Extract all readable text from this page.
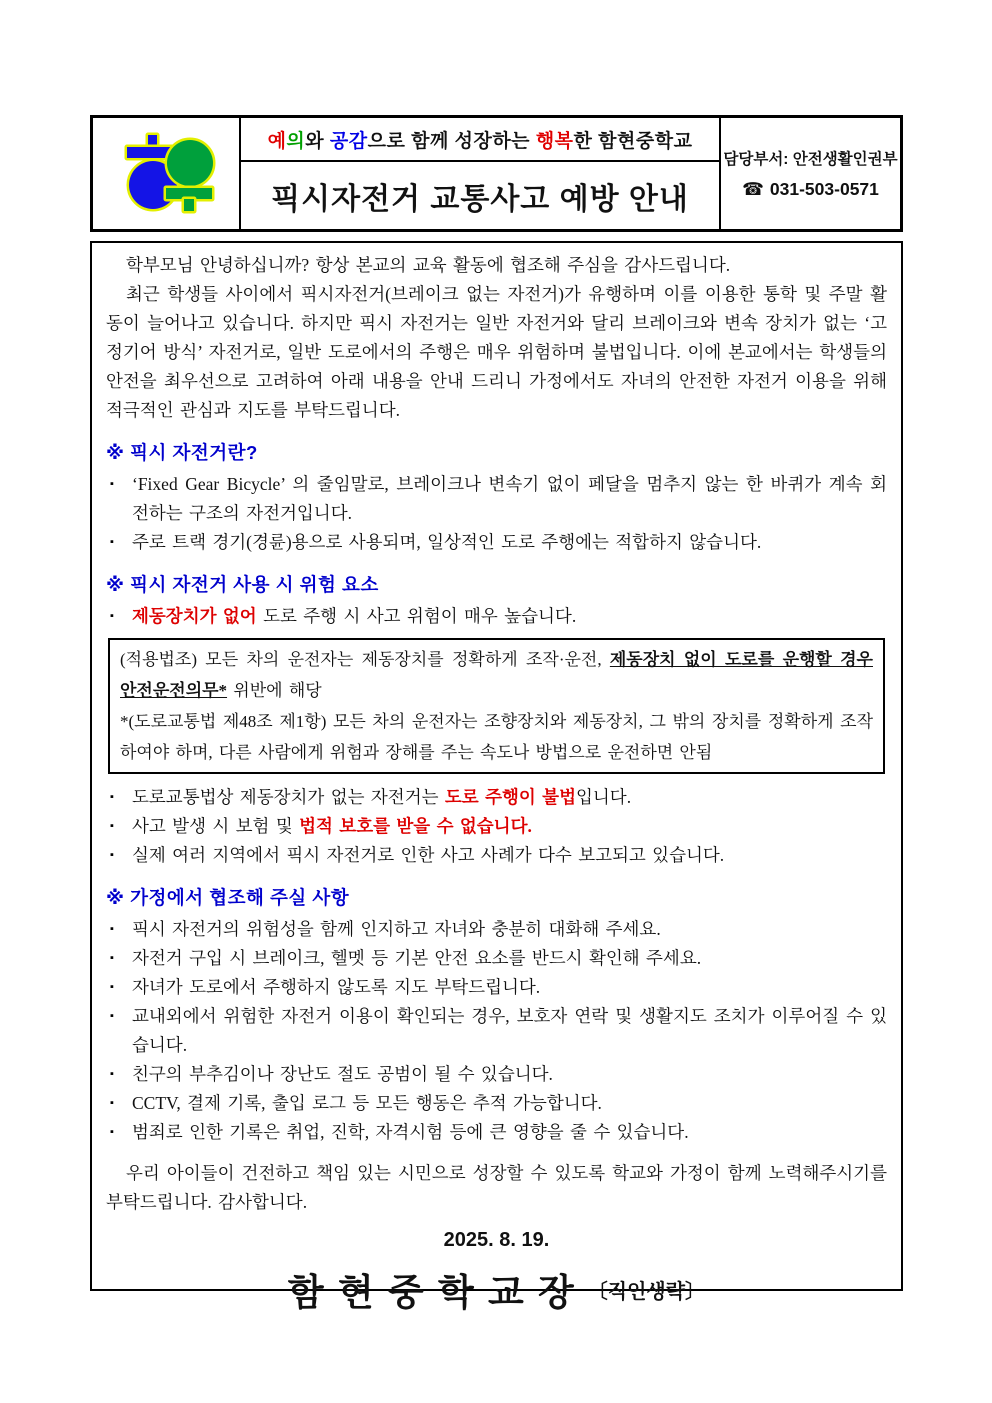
예 의 와 공감 으로 함께 성장하는 행복 한 함현중학교
픽시자전거 교통사고 예방 안내
담당부서: 안전생활인권부
☎ 031-503-0571

학부모님 안녕하십니까? 항상 본교의 교육 활동에 협조해 주심을 감사드립니다.

최근 학생들 사이에서 픽시자전거(브레이크 없는 자전거)가 유행하며 이를 이용한 통학 및 주말 활동이 늘어나고 있습니다. 하지만 픽시 자전거는 일반 자전거와 달리 브레이크와 변속 장치가 없는 ‘고정기어 방식’ 자전거로, 일반 도로에서의 주행은 매우 위험하며 불법입니다. 이에 본교에서는 학생들의 안전을 최우선으로 고려하여 아래 내용을 안내 드리니 가정에서도 자녀의 안전한 자전거 이용을 위해 적극적인 관심과 지도를 부탁드립니다.

※ 픽시 자전거란?
▪	‘Fixed Gear Bicycle’ 의 줄임말로, 브레이크나 변속기 없이 페달을 멈추지 않는 한 바퀴가 계속 회전하는 구조의 자전거입니다.
▪	주로 트랙 경기(경륜)용으로 사용되며, 일상적인 도로 주행에는 적합하지 않습니다.
※ 픽시 자전거 사용 시 위험 요소
▪	제동장치가 없어 도로 주행 시 사고 위험이 매우 높습니다.

(적용법조) 모든 차의 운전자는 제동장치를 정확하게 조작·운전, 제동장치 없이 도로를 운행할 경우 안전운전의무* 위반에 해당

*(도로교통법 제48조 제1항) 모든 차의 운전자는 조향장치와 제동장치, 그 밖의 장치를 정확하게 조작하여야 하며, 다른 사람에게 위험과 장해를 주는 속도나 방법으로 운전하면 안됨

▪	도로교통법상 제동장치가 없는 자전거는 도로 주행이 불법입니다.
▪	사고 발생 시 보험 및 법적 보호를 받을 수 없습니다.
▪	실제 여러 지역에서 픽시 자전거로 인한 사고 사례가 다수 보고되고 있습니다.
※ 가정에서 협조해 주실 사항
▪	픽시 자전거의 위험성을 함께 인지하고 자녀와 충분히 대화해 주세요.
▪	자전거 구입 시 브레이크, 헬멧 등 기본 안전 요소를 반드시 확인해 주세요.
▪	자녀가 도로에서 주행하지 않도록 지도 부탁드립니다.
▪	교내외에서 위험한 자전거 이용이 확인되는 경우, 보호자 연락 및 생활지도 조치가 이루어질 수 있습니다.
▪	친구의 부추김이나 장난도 절도 공범이 될 수 있습니다.
▪	CCTV, 결제 기록, 출입 로그 등 모든 행동은 추적 가능합니다.
▪	범죄로 인한 기록은 취업, 진학, 자격시험 등에 큰 영향을 줄 수 있습니다.

우리 아이들이 건전하고 책임 있는 시민으로 성장할 수 있도록 학교와 가정이 함께 노력해주시기를 부탁드립니다. 감사합니다.

2025. 8. 19.
함 현 중 학 교 장 〔직인생략〕
